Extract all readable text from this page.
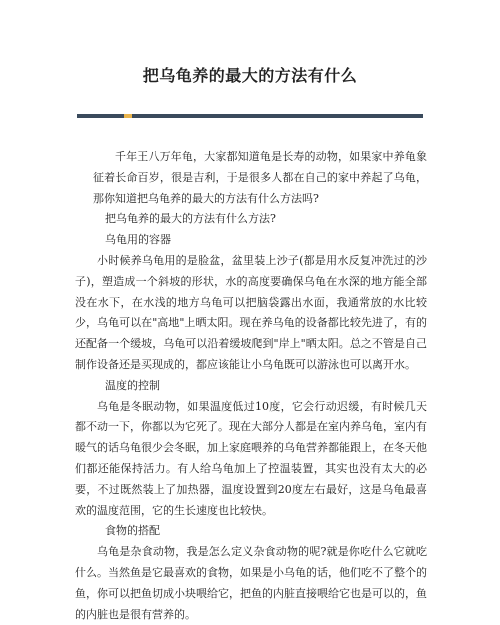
把乌龟养的最大的方法有什么

千年王八万年龟，大家都知道龟是长寿的动物，如果家中养龟象征着长命百岁，很是吉利，于是很多人都在自己的家中养起了乌龟，那你知道把乌龟养的最大的方法有什么方法吗?

把乌龟养的最大的方法有什么方法?

乌龟用的容器

小时候养乌龟用的是脸盆，盆里装上沙子(都是用水反复冲洗过的沙子)，塑造成一个斜坡的形状，水的高度要确保乌龟在水深的地方能全部没在水下，在水浅的地方乌龟可以把脑袋露出水面，我通常放的水比较少，乌龟可以在"高地"上晒太阳。现在养乌龟的设备都比较先进了，有的还配备一个缓坡，乌龟可以沿着缓坡爬到"岸上"晒太阳。总之不管是自己制作设备还是买现成的，都应该能让小乌龟既可以游泳也可以离开水。

温度的控制

乌龟是冬眠动物，如果温度低过10度，它会行动迟缓，有时候几天都不动一下，你都以为它死了。现在大部分人都是在室内养乌龟，室内有暖气的话乌龟很少会冬眠，加上家庭喂养的乌龟营养都能跟上，在冬天他们都还能保持活力。有人给乌龟加上了控温装置，其实也没有太大的必要，不过既然装上了加热器，温度设置到20度左右最好，这是乌龟最喜欢的温度范围，它的生长速度也比较快。

食物的搭配

乌龟是杂食动物，我是怎么定义杂食动物的呢?就是你吃什么它就吃什么。当然鱼是它最喜欢的食物，如果是小乌龟的话，他们吃不了整个的鱼，你可以把鱼切成小块喂给它，把鱼的内脏直接喂给它也是可以的，鱼的内脏也是很有营养的。
